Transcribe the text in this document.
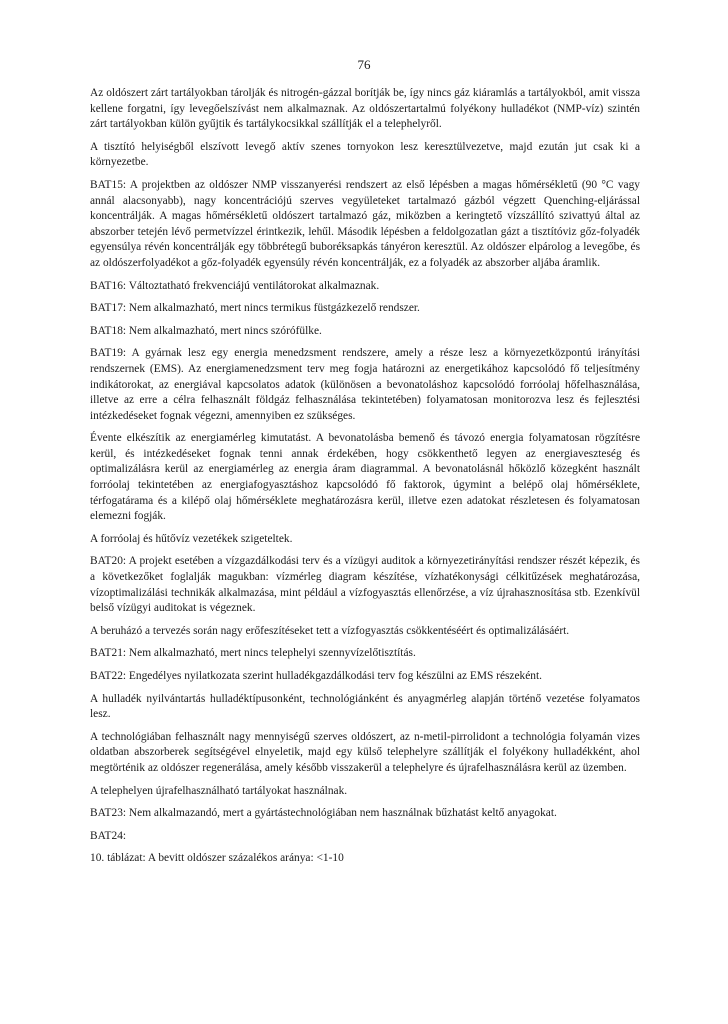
76

Az oldószert zárt tartályokban tárolják és nitrogén-gázzal borítják be, így nincs gáz kiáramlás a tartályokból, amit vissza kellene forgatni, így levegőelszívást nem alkalmaznak. Az oldószertartalmú folyékony hulladékot (NMP-víz) szintén zárt tartályokban külön gyűjtik és tartálykocsikkal szállítják el a telephelyről.

A tisztító helyiségből elszívott levegő aktív szenes tornyokon lesz keresztülvezetve, majd ezután jut csak ki a környezetbe.

BAT15: A projektben az oldószer NMP visszanyerési rendszert az első lépésben a magas hőmérsékletű (90 °C vagy annál alacsonyabb), nagy koncentrációjú szerves vegyületeket tartalmazó gázból végzett Quenching-eljárással koncentrálják. A magas hőmérsékletű oldószert tartalmazó gáz, miközben a keringtető vízszállító szivattyú által az abszorber tetején lévő permetvízzel érintkezik, lehűl. Második lépésben a feldolgozatlan gázt a tisztítóviz gőz-folyadék egyensúlya révén koncentrálják egy többrétegű buboréksapkás tányéron keresztül. Az oldószer elpárolog a levegőbe, és az oldószerfolyadékot a gőz-folyadék egyensúly révén koncentrálják, ez a folyadék az abszorber aljába áramlik.

BAT16: Változtatható frekvenciájú ventilátorokat alkalmaznak.

BAT17: Nem alkalmazható, mert nincs termikus füstgázkezelő rendszer.

BAT18: Nem alkalmazható, mert nincs szórófülke.

BAT19: A gyárnak lesz egy energia menedzsment rendszere, amely a része lesz a környezetközpontú irányítási rendszernek (EMS). Az energiamenedzsment terv meg fogja határozni az energetikához kapcsolódó fő teljesítmény indikátorokat, az energiával kapcsolatos adatok (különösen a bevonatoláshoz kapcsolódó forróolaj hőfelhasználása, illetve az erre a célra felhasznált földgáz felhasználása tekintetében) folyamatosan monitorozva lesz és fejlesztési intézkedéseket fognak végezni, amennyiben ez szükséges.

Évente elkészítik az energiamérleg kimutatást. A bevonatolásba bemenő és távozó energia folyamatosan rögzítésre kerül, és intézkedéseket fognak tenni annak érdekében, hogy csökkenthető legyen az energiaveszteség és optimalizálásra kerül az energiamérleg az energia áram diagrammal. A bevonatolásnál hőközlő közegként használt forróolaj tekintetében az energiafogyasztáshoz kapcsolódó fő faktorok, úgymint a belépő olaj hőmérséklete, térfogatárama és a kilépő olaj hőmérséklete meghatározásra kerül, illetve ezen adatokat részletesen és folyamatosan elemezni fogják.

A forróolaj és hűtővíz vezetékek szigeteltek.

BAT20: A projekt esetében a vízgazdálkodási terv és a vízügyi auditok a környezetirányítási rendszer részét képezik, és a következőket foglalják magukban: vízmérleg diagram készítése, vízhatékonysági célkitűzések meghatározása, vízoptimalizálási technikák alkalmazása, mint például a vízfogyasztás ellenőrzése, a víz újrahasznosítása stb. Ezenkívül belső vízügyi auditokat is végeznek.

A beruházó a tervezés során nagy erőfeszítéseket tett a vízfogyasztás csökkentéséért és optimalizálásáért.

BAT21: Nem alkalmazható, mert nincs telephelyi szennyvízelőtisztítás.

BAT22: Engedélyes nyilatkozata szerint hulladékgazdálkodási terv fog készülni az EMS részeként.

A hulladék nyilvántartás hulladéktípusonként, technológiánként és anyagmérleg alapján történő vezetése folyamatos lesz.

A technológiában felhasznált nagy mennyiségű szerves oldószert, az n-metil-pirrolidont a technológia folyamán vizes oldatban abszorberek segítségével elnyeletik, majd egy külső telephelyre szállítják el folyékony hulladékként, ahol megtörténik az oldószer regenerálása, amely később visszakerül a telephelyre és újrafelhasználásra kerül az üzemben.

A telephelyen újrafelhasználható tartályokat használnak.

BAT23: Nem alkalmazandó, mert a gyártástechnológiában nem használnak bűzhatást keltő anyagokat.

BAT24:

10. táblázat: A bevitt oldószer százalékos aránya: <1-10
